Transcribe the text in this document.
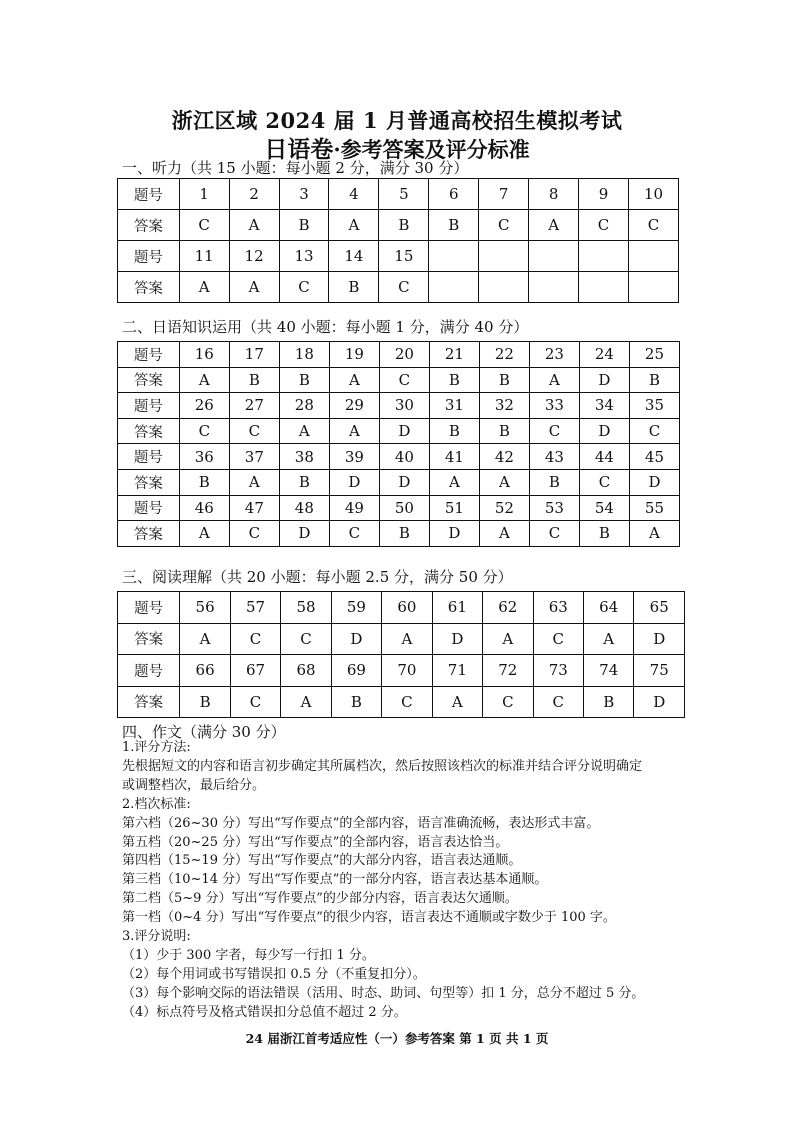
浙江区域 2024 届 1 月普通高校招生模拟考试
日语卷·参考答案及评分标准
一、听力（共 15 小题：每小题 2 分，满分 30 分）
题号	1	2	3	4	5	6	7	8	9	10
答案	C	A	B	A	B	B	C	A	C	C
题号	11	12	13	14	15					
答案	A	A	C	B	C					
二、日语知识运用（共 40 小题：每小题 1 分，满分 40 分）
题号	16	17	18	19	20	21	22	23	24	25
答案	A	B	B	A	C	B	B	A	D	B
题号	26	27	28	29	30	31	32	33	34	35
答案	C	C	A	A	D	B	B	C	D	C
题号	36	37	38	39	40	41	42	43	44	45
答案	B	A	B	D	D	A	A	B	C	D
题号	46	47	48	49	50	51	52	53	54	55
答案	A	C	D	C	B	D	A	C	B	A
三、阅读理解（共 20 小题：每小题 2.5 分，满分 50 分）
题号	56	57	58	59	60	61	62	63	64	65
答案	A	C	C	D	A	D	A	C	A	D
题号	66	67	68	69	70	71	72	73	74	75
答案	B	C	A	B	C	A	C	C	B	D
四、作文（满分 30 分）
1.评分方法:
先根据短文的内容和语言初步确定其所属档次，然后按照该档次的标准并结合评分说明确定
或调整档次，最后给分。
2.档次标准:
第六档（26~30 分）写出“写作要点”的全部内容，语言准确流畅，表达形式丰富。
第五档（20~25 分）写出“写作要点”的全部内容，语言表达恰当。
第四档（15~19 分）写出“写作要点”的大部分内容，语言表达通顺。
第三档（10~14 分）写出“写作要点”的一部分内容，语言表达基本通顺。
第二档（5~9 分）写出“写作要点”的少部分内容，语言表达欠通顺。
第一档（0~4 分）写出“写作要点”的很少内容，语言表达不通顺或字数少于 100 字。
3.评分说明:
（1）少于 300 字者，每少写一行扣 1 分。
（2）每个用词或书写错误扣 0.5 分（不重复扣分）。
（3）每个影响交际的语法错误（活用、时态、助词、句型等）扣 1 分，总分不超过 5 分。
（4）标点符号及格式错误扣分总值不超过 2 分。
24 届浙江首考适应性（一）参考答案 第 1 页 共 1 页
